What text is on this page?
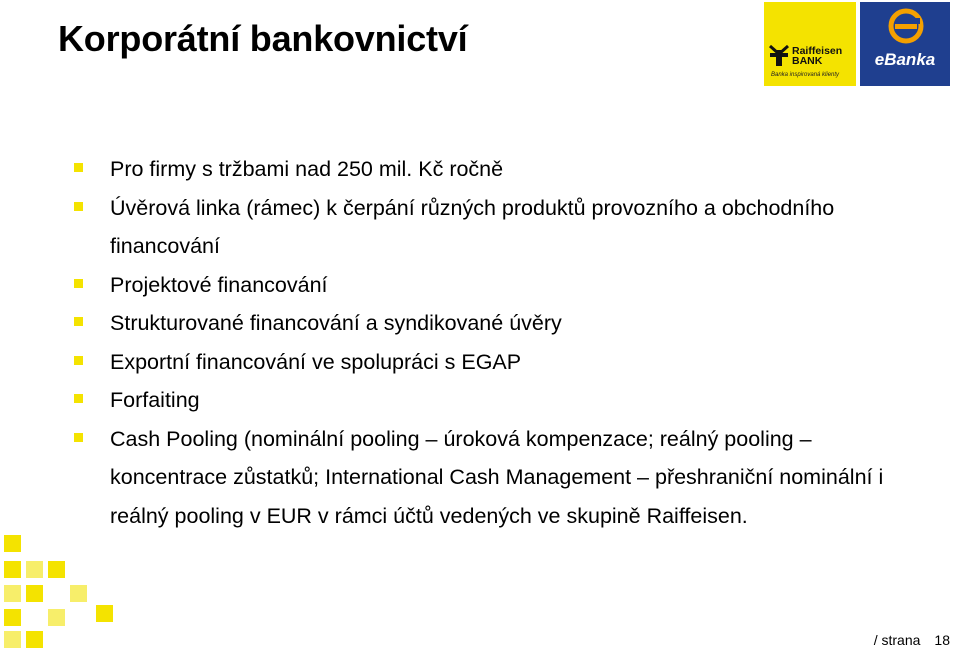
Korporátní bankovnictví	Raiffeisen
BANK
Banka inspirovaná klienty
eBanka
Pro firmy s tržbami nad 250 mil. Kč ročně
Úvěrová linka (rámec) k čerpání různých produktů provozního a obchodního financování
Projektové financování
Strukturované financování a syndikované úvěry
Exportní financování ve spolupráci s EGAP
Forfaiting
Cash Pooling (nominální pooling – úroková kompenzace; reálný pooling – koncentrace zůstatků; International Cash Management – přeshraniční nominální i reálný pooling v EUR v rámci účtů vedených ve skupině Raiffeisen.
/ strana 18
